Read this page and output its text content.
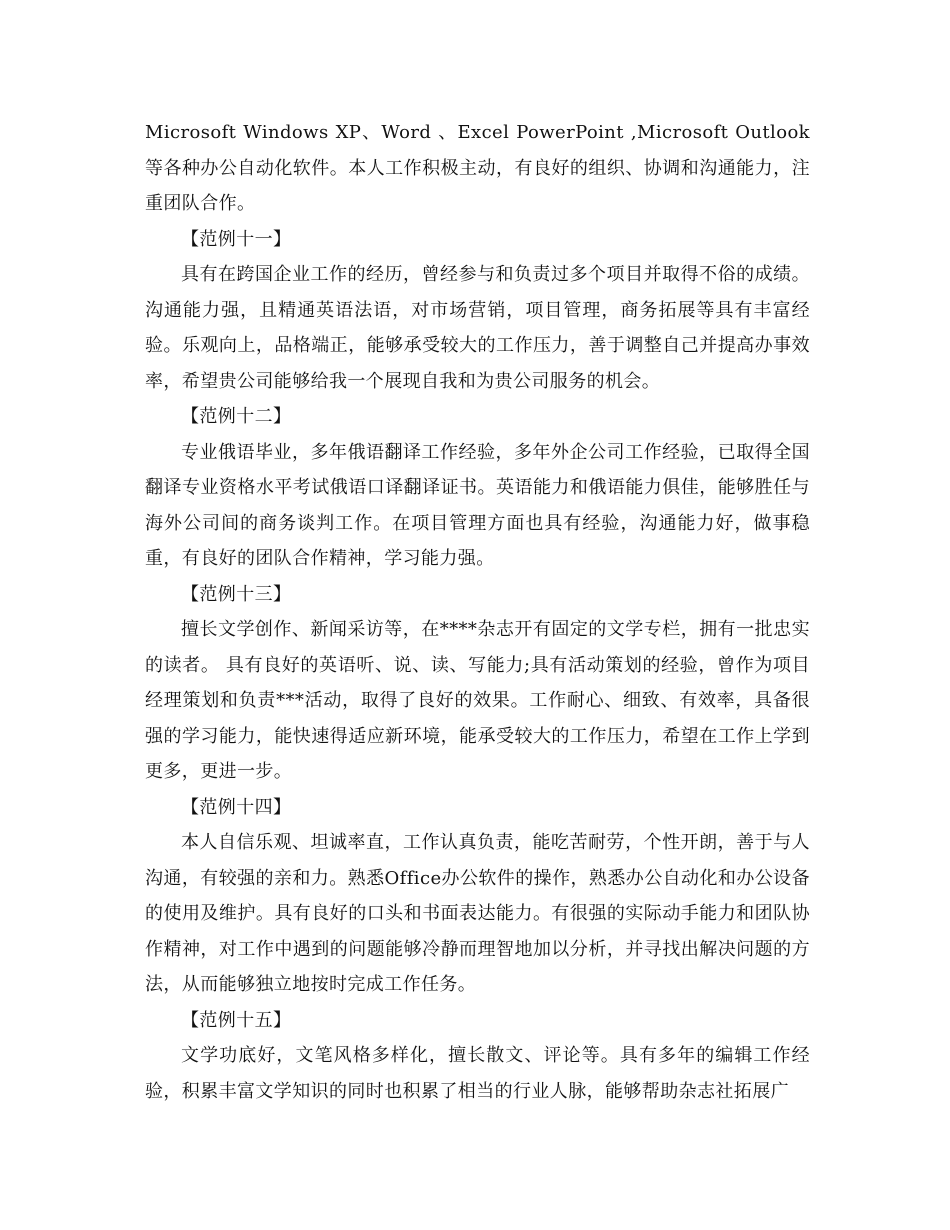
Microsoft Windows XP、Word 、Excel PowerPoint ,Microsoft Outlook 等各种办公自动化软件。本人工作积极主动，有良好的组织、协调和沟通能力，注重团队合作。

【范例十一】

具有在跨国企业工作的经历，曾经参与和负责过多个项目并取得不俗的成绩。沟通能力强，且精通英语法语，对市场营销，项目管理，商务拓展等具有丰富经验。乐观向上，品格端正，能够承受较大的工作压力，善于调整自己并提高办事效率，希望贵公司能够给我一个展现自我和为贵公司服务的机会。

【范例十二】

专业俄语毕业，多年俄语翻译工作经验，多年外企公司工作经验，已取得全国翻译专业资格水平考试俄语口译翻译证书。英语能力和俄语能力俱佳，能够胜任与海外公司间的商务谈判工作。在项目管理方面也具有经验，沟通能力好，做事稳重，有良好的团队合作精神，学习能力强。

【范例十三】

擅长文学创作、新闻采访等，在****杂志开有固定的文学专栏，拥有一批忠实的读者。 具有良好的英语听、说、读、写能力;具有活动策划的经验，曾作为项目经理策划和负责***活动，取得了良好的效果。工作耐心、细致、有效率，具备很强的学习能力，能快速得适应新环境，能承受较大的工作压力，希望在工作上学到更多，更进一步。

【范例十四】

本人自信乐观、坦诚率直，工作认真负责，能吃苦耐劳，个性开朗，善于与人沟通，有较强的亲和力。熟悉Office办公软件的操作，熟悉办公自动化和办公设备的使用及维护。具有良好的口头和书面表达能力。有很强的实际动手能力和团队协作精神，对工作中遇到的问题能够冷静而理智地加以分析，并寻找出解决问题的方法，从而能够独立地按时完成工作任务。

【范例十五】

文学功底好，文笔风格多样化，擅长散文、评论等。具有多年的编辑工作经验，积累丰富文学知识的同时也积累了相当的行业人脉，能够帮助杂志社拓展广
